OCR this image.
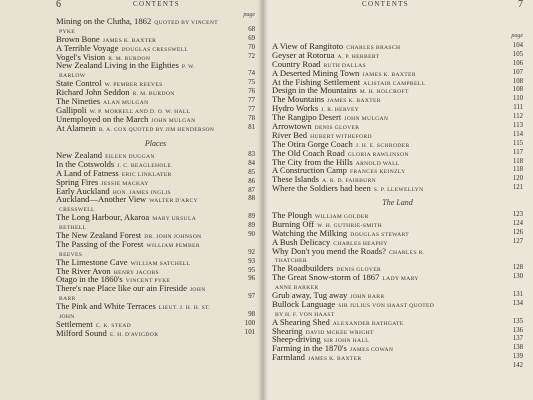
6	CONTENTS
page
Mining on the Clutha, 1862 QUOTED BY VINCENT
PYKE	68
Brown Bone JAMES K. BAXTER	69
A Terrible Voyage DOUGLAS CRESSWELL	70
Vogel's Vision R. M. BURDON	72
New Zealand Living in the Eighties P. W.
BARLOW	74
State Control W. PEMBER REEVES	75
Richard John Seddon R. M. BURDON	76
The Nineties ALAN MULGAN	77
Gallipoli W. P. MORRELL AND D. O. W. HALL	77
Unemployed on the March JOHN MULGAN	78
At Alamein B. A. COX QUOTED BY JIM HENDERSON	81
Places
New Zealand EILEEN DUGGAN	83
In the Cotswolds J. C. BEAGLEHOLE	84
A Land of Fatness ERIC LINKLATER	85
Spring Fires JESSIE MACKAY	86
Early Auckland HON. JAMES INGLIS	87
Auckland—Another View WALTER D'ARCY	88
CRESSWELL
The Long Harbour, Akaroa MARY URSULA	89
BETHELL	89
The New Zealand Forest DR. JOHN JOHNSON	90
The Passing of the Forest WILLIAM PEMBER
REEVES	92
The Limestone Cave WILLIAM SATCHELL	93
The River Avon HENRY JACOBS	95
Otago in the 1860's VINCENT PYKE	96
There's nae Place like our ain Fireside JOHN
BARR	97
The Pink and White Terraces LIEUT. J. H. H. ST.
JOHN	98
Settlement C. K. STEAD	100
Milford Sound E. H. D'AVIGDOR	101
CONTENTS	7
page
A View of Rangitoto CHARLES BRASCH	104
Geyser at Rotorua A. P. HERBERT	105
Country Road RUTH DALLAS	106
A Deserted Mining Town JAMES K. BAXTER	107
At the Fishing Settlement ALISTAIR CAMPBELL	108
Design in the Mountains M. H. HOLCROFT	108
The Mountains JAMES K. BAXTER	110
Hydro Works J. R. HERVEY	111
The Rangipo Desert JOHN MULGAN	112
Arrowtown DENIS GLOVER	113
River Bed HUBERT WITHEFORD	114
The Otira Gorge Coach J. H. E. SCHRODER	115
The Old Coach Road GLORIA RAWLINSON	117
The City from the Hills ARNOLD WALL	118
A Construction Camp FRANCES KEINZLY	118
These Islands A. R. D. FAIRBURN	120
Where the Soldiers had been S. P. LLEWELLYN	121
The Land
The Plough WILLIAM GOLDER	123
Burning Off W. H. GUTHRIE-SMITH	124
Watching the Milking DOUGLAS STEWART	126
A Bush Delicacy CHARLES HEAPHY	127
Why Don't you mend the Roads? CHARLES R.
THATCHER
The Roadbuilders DENIS GLOVER	128
The Great Snow-storm of 1867 LADY MARY	130
ANNE BARKER
Grub away, Tug away JOHN BARR	131
Bullock Language SIR JULIUS VON HAAST QUOTED	134
BY H. F. VON HAAST
A Shearing Shed ALEXANDER BATHGATE	135
Shearing DAVID MCKEE WRIGHT	136
Sheep-driving SIR JOHN HALL	137
Farming in the 1870's JAMES COWAN	138
Farmland JAMES K. BAXTER	139
142
